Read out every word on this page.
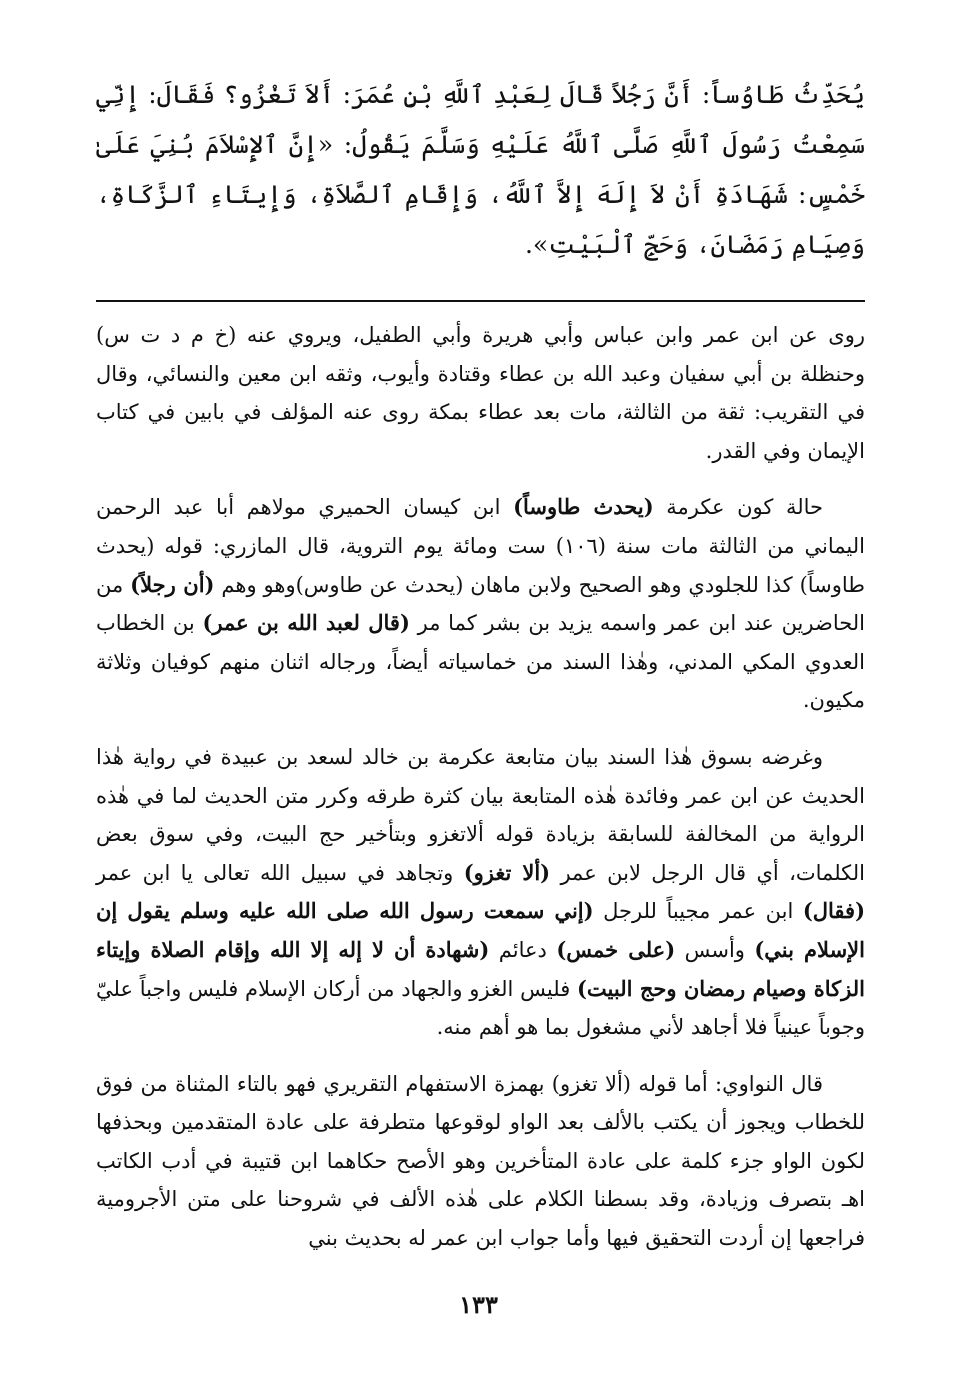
يُحَدِّثُ طَاوُساً: أَنَّ رَجُلاً قَالَ لِعَبْدِ ٱللَّهِ بْنِ عُمَرَ: أَلاَ تَغْزُو؟ فَقَالَ: إِنِّي سَمِعْتُ رَسُولَ ٱللَّهِ صَلَّى ٱللَّهُ عَلَيْهِ وَسَلَّمَ يَقُولُ: «إِنَّ ٱلإِسْلاَمَ بُنِيَ عَلَىٰ خَمْسٍ: شَهَادَةِ أَنْ لاَ إِلَهَ إِلاَّ ٱللَّهُ، وَإِقَامِ ٱلصَّلاَةِ، وَإِيتَاءِ ٱلزَّكَاةِ، وَصِيَامِ رَمَضَانَ، وَحَجِّ ٱلْبَيْتِ».

روى عن ابن عمر وابن عباس وأبي هريرة وأبي الطفيل، ويروي عنه (خ م د ت س) وحنظلة بن أبي سفيان وعبد الله بن عطاء وقتادة وأيوب، وثقه ابن معين والنسائي، وقال في التقريب: ثقة من الثالثة، مات بعد عطاء بمكة روى عنه المؤلف في بابين في كتاب الإيمان وفي القدر.

حالة كون عكرمة (يحدث طاوساً) ابن كيسان الحميري مولاهم أبا عبد الرحمن اليماني من الثالثة مات سنة (١٠٦) ست ومائة يوم التروية، قال المازري: قوله (يحدث طاوساً) كذا للجلودي وهو الصحيح ولابن ماهان (يحدث عن طاوس)وهو وهم (أن رجلاً) من الحاضرين عند ابن عمر واسمه يزيد بن بشر كما مر (قال لعبد الله بن عمر) بن الخطاب العدوي المكي المدني، وهٰذا السند من خماسياته أيضاً، ورجاله اثنان منهم كوفيان وثلاثة مكيون.

وغرضه بسوق هٰذا السند بيان متابعة عكرمة بن خالد لسعد بن عبيدة في رواية هٰذا الحديث عن ابن عمر وفائدة هٰذه المتابعة بيان كثرة طرقه وكرر متن الحديث لما في هٰذه الرواية من المخالفة للسابقة بزيادة قوله ألاتغزو وبتأخير حج البيت، وفي سوق بعض الكلمات، أي قال الرجل لابن عمر (ألا تغزو) وتجاهد في سبيل الله تعالى يا ابن عمر (فقال) ابن عمر مجيباً للرجل (إني سمعت رسول الله صلى الله عليه وسلم يقول إن الإسلام بني) وأسس (على خمس) دعائم (شهادة أن لا إله إلا الله وإقام الصلاة وإيتاء الزكاة وصيام رمضان وحج البيت) فليس الغزو والجهاد من أركان الإسلام فليس واجباً عليّ وجوباً عينياً فلا أجاهد لأني مشغول بما هو أهم منه.

قال النواوي: أما قوله (ألا تغزو) بهمزة الاستفهام التقريري فهو بالتاء المثناة من فوق للخطاب ويجوز أن يكتب بالألف بعد الواو لوقوعها متطرفة على عادة المتقدمين وبحذفها لكون الواو جزء كلمة على عادة المتأخرين وهو الأصح حكاهما ابن قتيبة في أدب الكاتب اهـ بتصرف وزيادة، وقد بسطنا الكلام على هٰذه الألف في شروحنا على متن الأجرومية فراجعها إن أردت التحقيق فيها وأما جواب ابن عمر له بحديث بني

١٣٣
